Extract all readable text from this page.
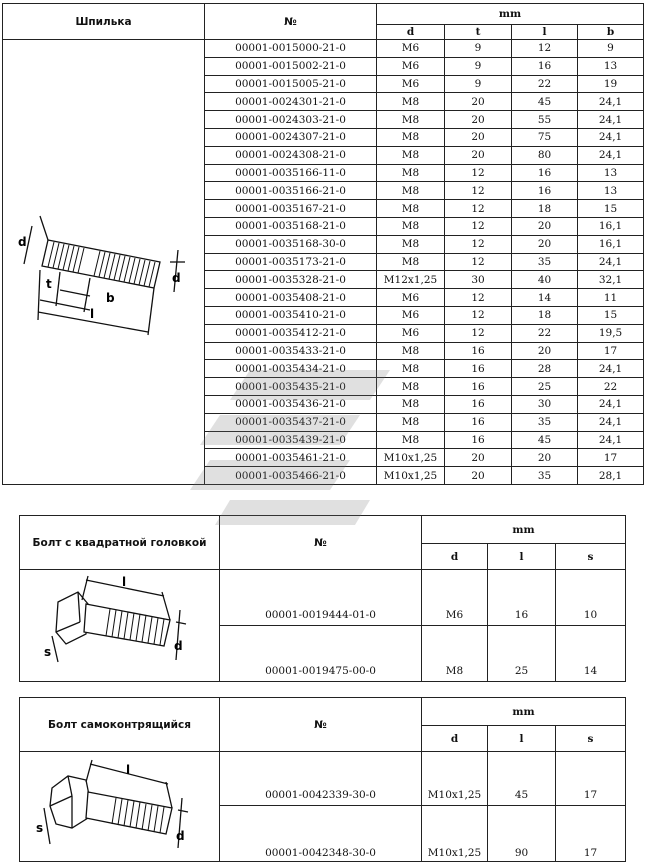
Шпилька	№	mm			
		d	t	l	b
	00001-0015000-21-0	M6	9	12	9
	00001-0015002-21-0	M6	9	16	13
	00001-0015005-21-0	M6	9	22	19
	00001-0024301-21-0	M8	20	45	24,1
	00001-0024303-21-0	M8	20	55	24,1
	00001-0024307-21-0	M8	20	75	24,1
	00001-0024308-21-0	M8	20	80	24,1
	00001-0035166-11-0	M8	12	16	13
	00001-0035166-21-0	M8	12	16	13
	00001-0035167-21-0	M8	12	18	15
	00001-0035168-21-0	M8	12	20	16,1
	00001-0035168-30-0	M8	12	20	16,1
	00001-0035173-21-0	M8	12	35	24,1
	00001-0035328-21-0	M12x1,25	30	40	32,1
	00001-0035408-21-0	M6	12	14	11
	00001-0035410-21-0	M6	12	18	15
	00001-0035412-21-0	M6	12	22	19,5
	00001-0035433-21-0	M8	16	20	17
	00001-0035434-21-0	M8	16	28	24,1
	00001-0035435-21-0	M8	16	25	22
	00001-0035436-21-0	M8	16	30	24,1
	00001-0035437-21-0	M8	16	35	24,1
	00001-0035439-21-0	M8	16	45	24,1
	00001-0035461-21-0	M10x1,25	20	20	17
	00001-0035466-21-0	M10x1,25	20	35	28,1
d
t
b
l
d
Болт с квадратной головкой	№	mm		
		d	l	s
	00001-0019444-01-0	M6	16	10
	00001-0019475-00-0	M8	25	14
l
s	d
Болт самоконтрящийся	№	mm		
		d	l	s
	00001-0042339-30-0	M10x1,25	45	17
	00001-0042348-30-0	M10x1,25	90	17
l
s
d
